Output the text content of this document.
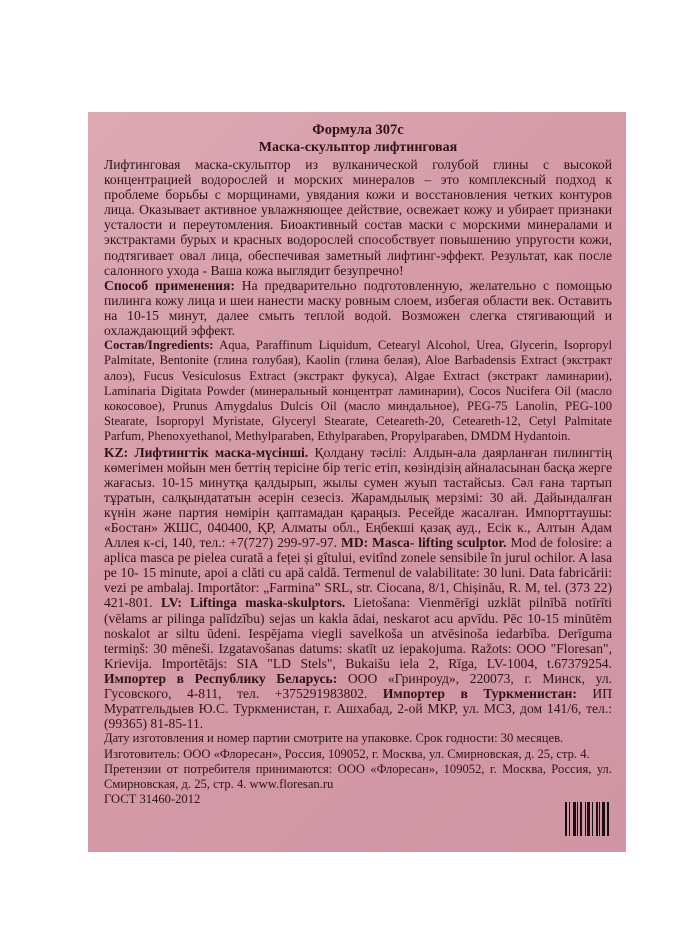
Формула 307с
Маска-скульптор лифтинговая

Лифтинговая маска-скульптор из вулканической голубой глины с высокой концентрацией водорослей и морских минералов – это комплексный подход к проблеме борьбы с морщинами, увядания кожи и восстановления четких контуров лица. Оказывает активное увлажняющее действие, освежает кожу и убирает признаки усталости и переутомления. Биоактивный состав маски с морскими минералами и экстрактами бурых и красных водорослей способствует повышению упругости кожи, подтягивает овал лица, обеспечивая заметный лифтинг-эффект. Результат, как после салонного ухода - Ваша кожа выглядит безупречно!

Способ применения: На предварительно подготовленную, желательно с помощью пилинга кожу лица и шеи нанести маску ровным слоем, избегая области век. Оставить на 10-15 минут, далее смыть теплой водой. Возможен слегка стягивающий и охлаждающий эффект.

Состав/Ingredients: Aqua, Paraffinum Liquidum, Cetearyl Alcohol, Urea, Glycerin, Isopropyl Palmitate, Bentonite (глина голубая), Kaolin (глина белая), Aloe Barbadensis Extract (экстракт алоэ), Fucus Vesiculosus Extract (экстракт фукуса), Algae Extract (экстракт ламинарии), Laminaria Digitata Powder (минеральный концентрат ламинарии), Cocos Nucifera Oil (масло кокосовое), Prunus Amygdalus Dulcis Oil (масло миндальное), PEG-75 Lanolin, PEG-100 Stearate, Isopropyl Myristate, Glyceryl Stearate, Ceteareth-20, Ceteareth-12, Cetyl Palmitate Parfum, Phenoxyethanol, Methylparaben, Ethylparaben, Propylparaben, DMDM Hydantoin.

KZ: Лифтингтік маска-мүсінші. Қолдану тәсілі: Алдын-ала даярланған пилингтің көмегімен мойын мен беттің терісіне бір тегіс етіп, көзіндізің айналасынан басқа жерге жағасыз. 10-15 минутқа қалдырып, жылы сумен жуып тастайсыз. Сәл ғана тартып тұратын, салқындататын әсерін сезесіз. Жарамдылық мерзімі: 30 ай. Дайындалған күнін және партия нөмірін қаптамадан қараңыз. Ресейде жасалған. Импорттаушы: «Бостан» ЖШС, 040400, ҚР, Алматы обл., Еңбекші қазақ ауд., Есік к., Алтын Адам Аллея к-сі, 140, тел.: +7(727) 299-97-97. MD: Masca- lifting sculptor. Mod de folosire: a aplica masca pe pielea curată a feței și gîtului, evitînd zonele sensibile în jurul ochilor. A lasa pe 10- 15 minute, apoi a clăti cu apă caldă. Termenul de valabilitate: 30 luni. Data fabricării: vezi pe ambalaj. Importător: „Farmina” SRL, str. Ciocana, 8/1, Chișinău, R. M, tel. (373 22) 421-801. LV: Liftinga maska-skulptors. Lietošana: Vienmērīgi uzklāt pilnībā notīrīti (vēlams ar pilinga palīdzību) sejas un kakla ādai, neskarot acu apvīdu. Pēc 10-15 minūtēm noskalot ar siltu ūdeni. Iespējama viegli savelkoša un atvēsinoša iedarbība. Derīguma termiņš: 30 mēneši. Izgatavošanas datums: skatīt uz iepakojuma. Ražots: OOO "Floresan", Krievija. Importētājs: SIA "LD Stels", Bukaišu iela 2, Rīga, LV-1004, t.67379254. Импортер в Республику Беларусь: ООО «Гринроуд», 220073, г. Минск, ул. Гусовского, 4-811, тел. +375291983802. Импортер в Туркменистан: ИП Муратгельдыев Ю.С. Туркменистан, г. Ашхабад, 2-ой МКР, ул. МСЗ, дом 141/6, тел.: (99365) 81-85-11.

Дату изготовления и номер партии смотрите на упаковке. Срок годности: 30 месяцев.

Изготовитель: ООО «Флоресан», Россия, 109052, г. Москва, ул. Смирновская, д. 25, стр. 4.

Претензии от потребителя принимаются: ООО «Флоресан», 109052, г. Москва, Россия, ул. Смирновская, д. 25, стр. 4. www.floresan.ru

ГОСТ 31460-2012
